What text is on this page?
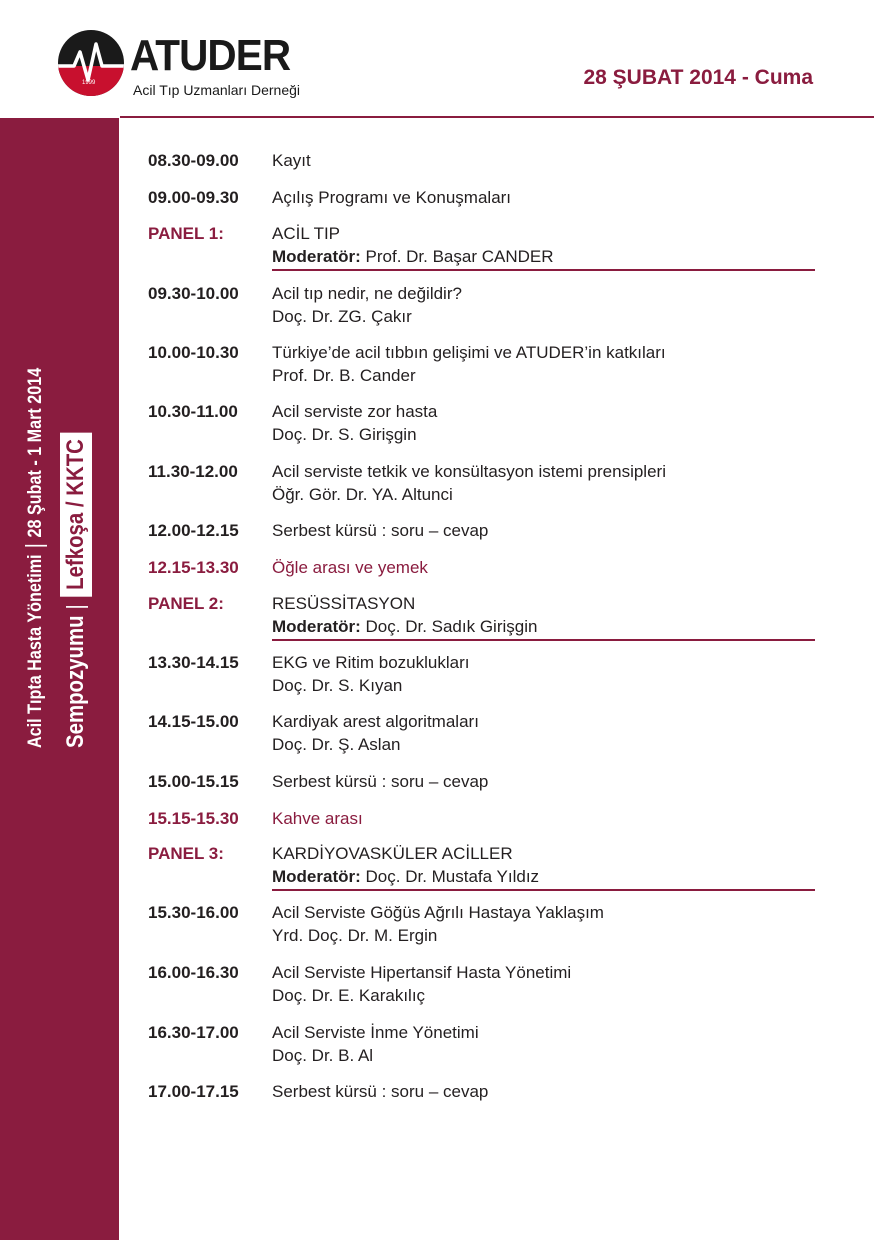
1999
ATUDER
Acil Tıp Uzmanları Derneği
28 ŞUBAT 2014 - Cuma
Acil Tıpta Hasta Yönetimi28 Şubat - 1 Mart 2014
SempozyumuLefkoşa / KKTC
08.30-09.00 Kayıt
09.00-09.30 Açılış Programı ve Konuşmaları
PANEL 1:	ACİL TIP
Moderatör: Prof. Dr. Başar CANDER
09.30-10.00 Acil tıp nedir, ne değildir?
Doç. Dr. ZG. Çakır
10.00-10.30 Türkiye’de acil tıbbın gelişimi ve ATUDER’in katkıları
Prof. Dr. B. Cander
10.30-11.00 Acil serviste zor hasta
Doç. Dr. S. Girişgin
11.30-12.00 Acil serviste tetkik ve konsültasyon istemi prensipleri
Öğr. Gör. Dr. YA. Altunci
12.00-12.15 Serbest kürsü : soru – cevap
12.15-13.30 Öğle arası ve yemek
PANEL 2:	RESÜSSİTASYON
Moderatör: Doç. Dr. Sadık Girişgin
13.30-14.15 EKG ve Ritim bozuklukları
Doç. Dr. S. Kıyan
14.15-15.00 Kardiyak arest algoritmaları
Doç. Dr. Ş. Aslan
15.00-15.15 Serbest kürsü : soru – cevap
15.15-15.30 Kahve arası
PANEL 3:	KARDİYOVASKÜLER ACİLLER
Moderatör: Doç. Dr. Mustafa Yıldız
15.30-16.00 Acil Serviste Göğüs Ağrılı Hastaya Yaklaşım
Yrd. Doç. Dr. M. Ergin
16.00-16.30 Acil Serviste Hipertansif Hasta Yönetimi
Doç. Dr. E. Karakılıç
16.30-17.00 Acil Serviste İnme Yönetimi
Doç. Dr. B. Al
17.00-17.15 Serbest kürsü : soru – cevap
